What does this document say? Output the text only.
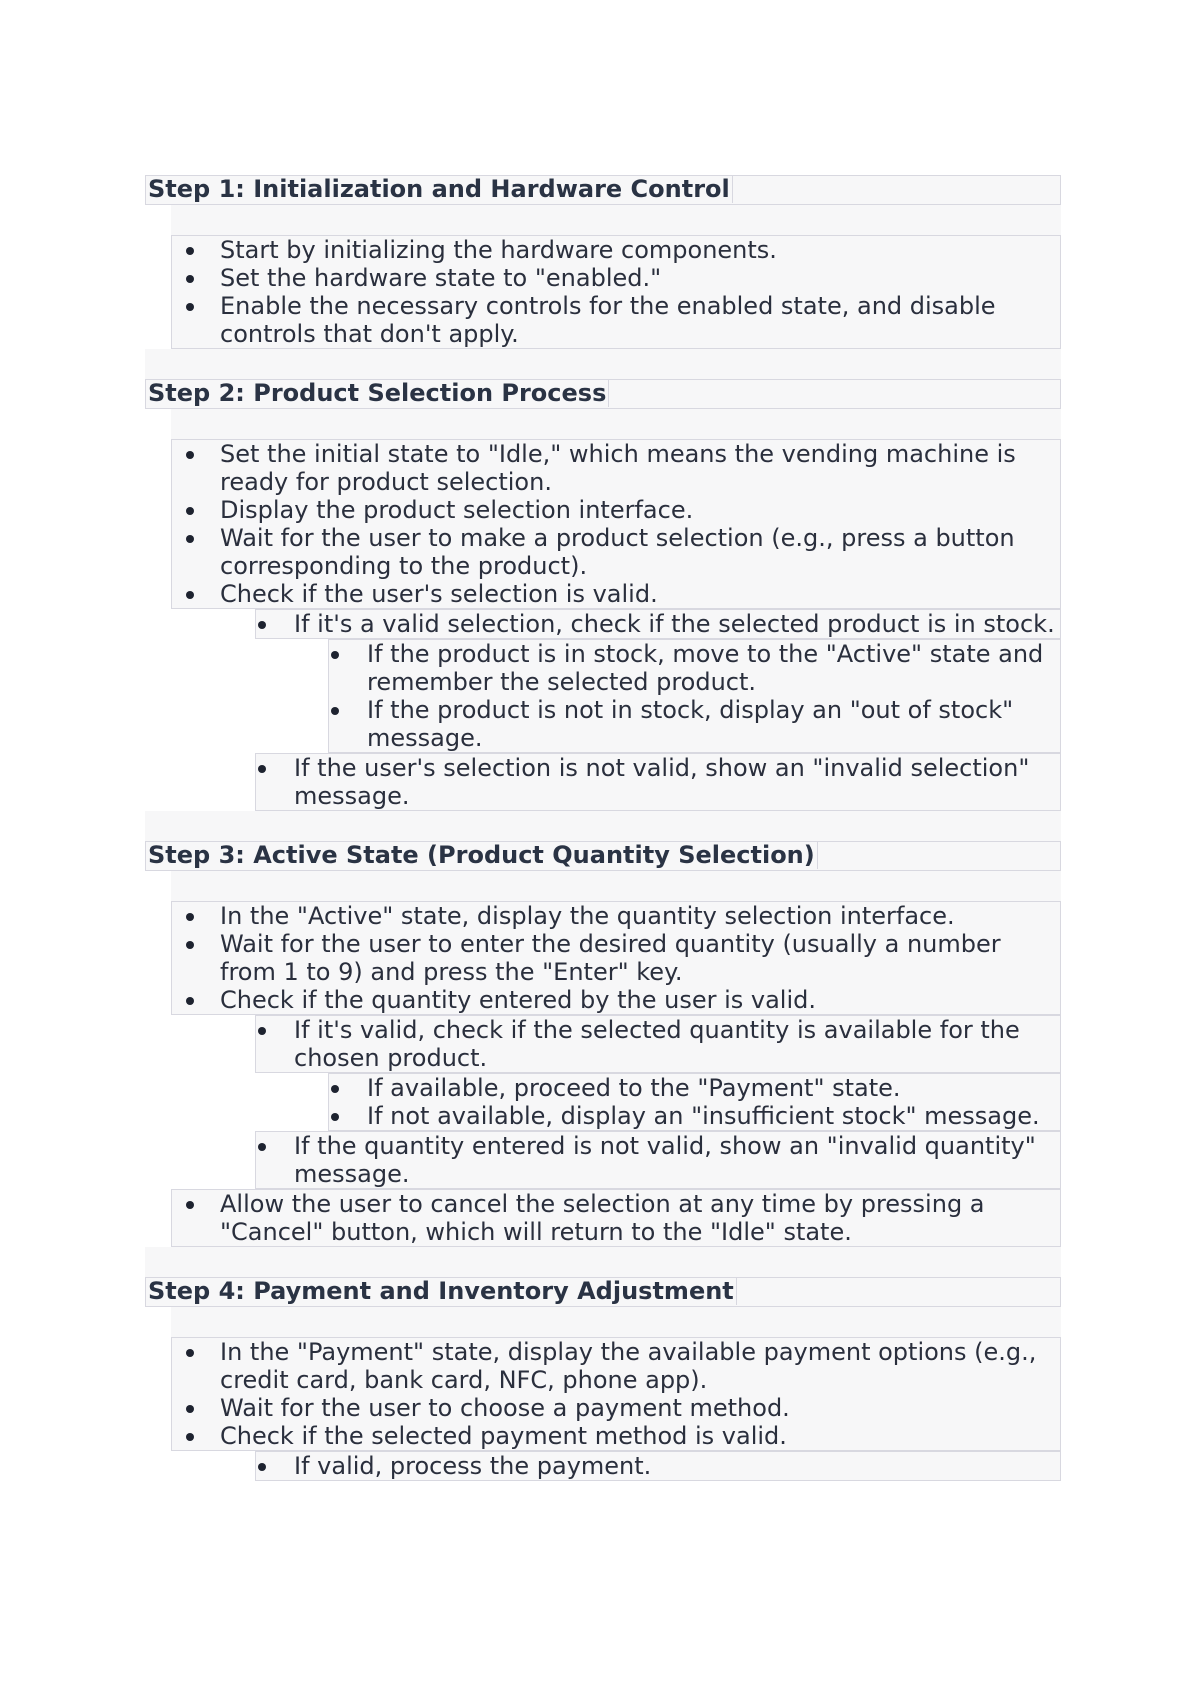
Step 1: Initialization and Hardware Control
Start by initializing the hardware components.
Set the hardware state to "enabled."
Enable the necessary controls for the enabled state, and disable controls that don't apply.
Step 2: Product Selection Process
Set the initial state to "Idle," which means the vending machine is ready for product selection.
Display the product selection interface.
Wait for the user to make a product selection (e.g., press a button corresponding to the product).
Check if the user's selection is valid.
If it's a valid selection, check if the selected product is in stock.
If the product is in stock, move to the "Active" state and remember the selected product.
If the product is not in stock, display an "out of stock" message.
If the user's selection is not valid, show an "invalid selection" message.
Step 3: Active State (Product Quantity Selection)
In the "Active" state, display the quantity selection interface.
Wait for the user to enter the desired quantity (usually a number from 1 to 9) and press the "Enter" key.
Check if the quantity entered by the user is valid.
If it's valid, check if the selected quantity is available for the chosen product.
If available, proceed to the "Payment" state.
If not available, display an "insufficient stock" message.
If the quantity entered is not valid, show an "invalid quantity" message.
Allow the user to cancel the selection at any time by pressing a "Cancel" button, which will return to the "Idle" state.
Step 4: Payment and Inventory Adjustment
In the "Payment" state, display the available payment options (e.g., credit card, bank card, NFC, phone app).
Wait for the user to choose a payment method.
Check if the selected payment method is valid.
If valid, process the payment.
